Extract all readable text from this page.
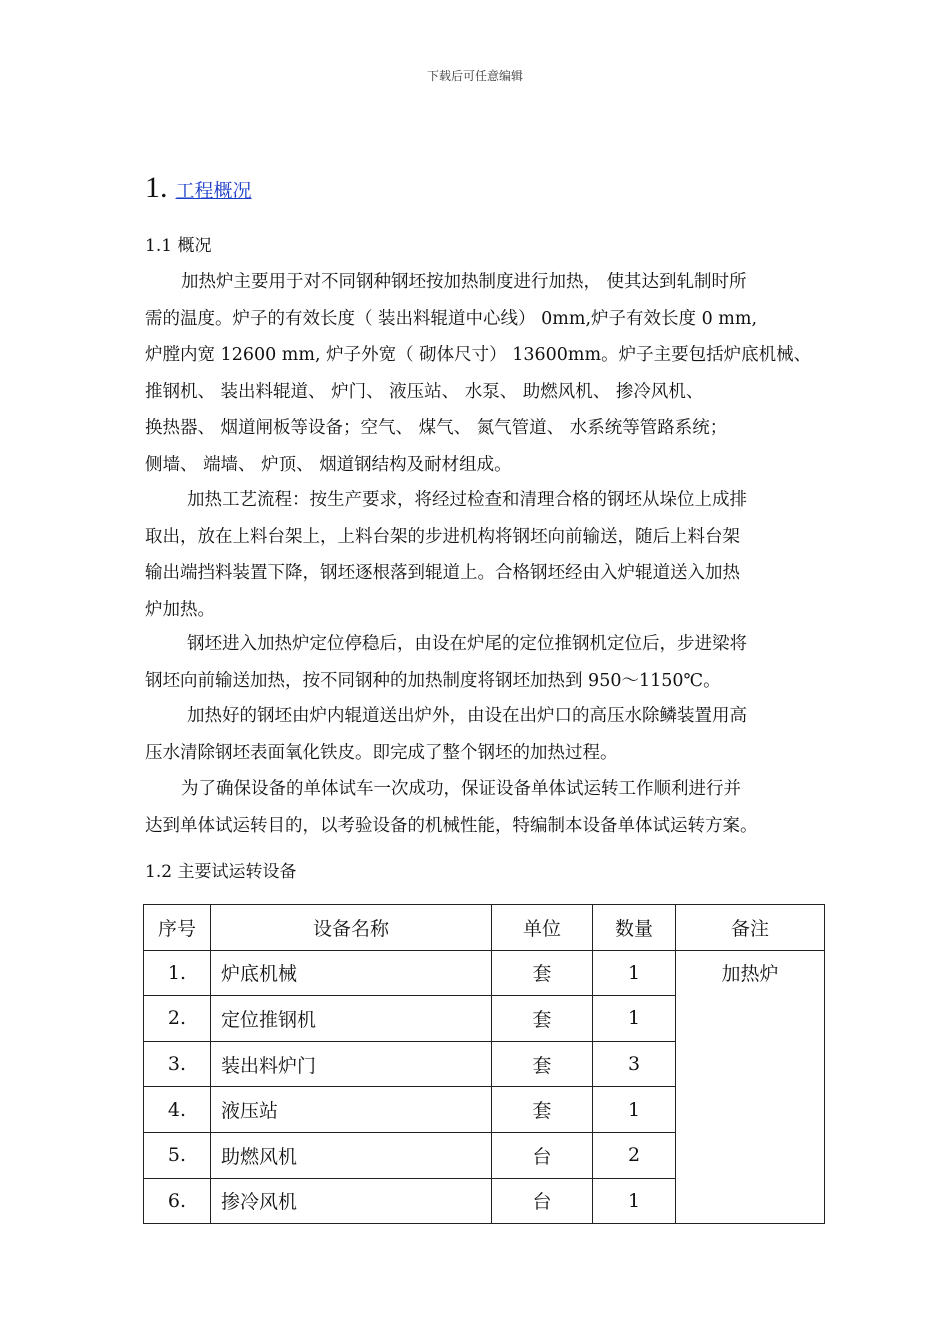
下载后可任意编辑
1. 工程概况
1.1 概况
加热炉主要用于对不同钢种钢坯按加热制度进行加热， 使其达到轧制时所
需的温度。炉子的有效长度（ 装出料辊道中心线） 0mm,炉子有效长度 0 mm,
炉膛内宽 12600 mm, 炉子外宽（ 砌体尺寸） 13600mm。炉子主要包括炉底机械、
推钢机、 装出料辊道、 炉门、 液压站、 水泵、 助燃风机、 掺冷风机、
换热器、 烟道闸板等设备；空气、 煤气、 氮气管道、 水系统等管路系统；
侧墙、 端墙、 炉顶、 烟道钢结构及耐材组成。
加热工艺流程：按生产要求，将经过检查和清理合格的钢坯从垛位上成排
取出，放在上料台架上，上料台架的步进机构将钢坯向前输送，随后上料台架
输出端挡料装置下降，钢坯逐根落到辊道上。合格钢坯经由入炉辊道送入加热
炉加热。
钢坯进入加热炉定位停稳后，由设在炉尾的定位推钢机定位后，步进梁将
钢坯向前输送加热，按不同钢种的加热制度将钢坯加热到 950～1150℃。
加热好的钢坯由炉内辊道送出炉外，由设在出炉口的高压水除鳞装置用高
压水清除钢坯表面氧化铁皮。即完成了整个钢坯的加热过程。
为了确保设备的单体试车一次成功，保证设备单体试运转工作顺利进行并
达到单体试运转目的，以考验设备的机械性能，特编制本设备单体试运转方案。
1.2 主要试运转设备
序号	设备名称	单位	数量	备注
1.	炉底机械	套	1	加热炉
2.	定位推钢机	套	1	
3.	装出料炉门	套	3	
4.	液压站	套	1	
5.	助燃风机	台	2	
6.	掺冷风机	台	1	
